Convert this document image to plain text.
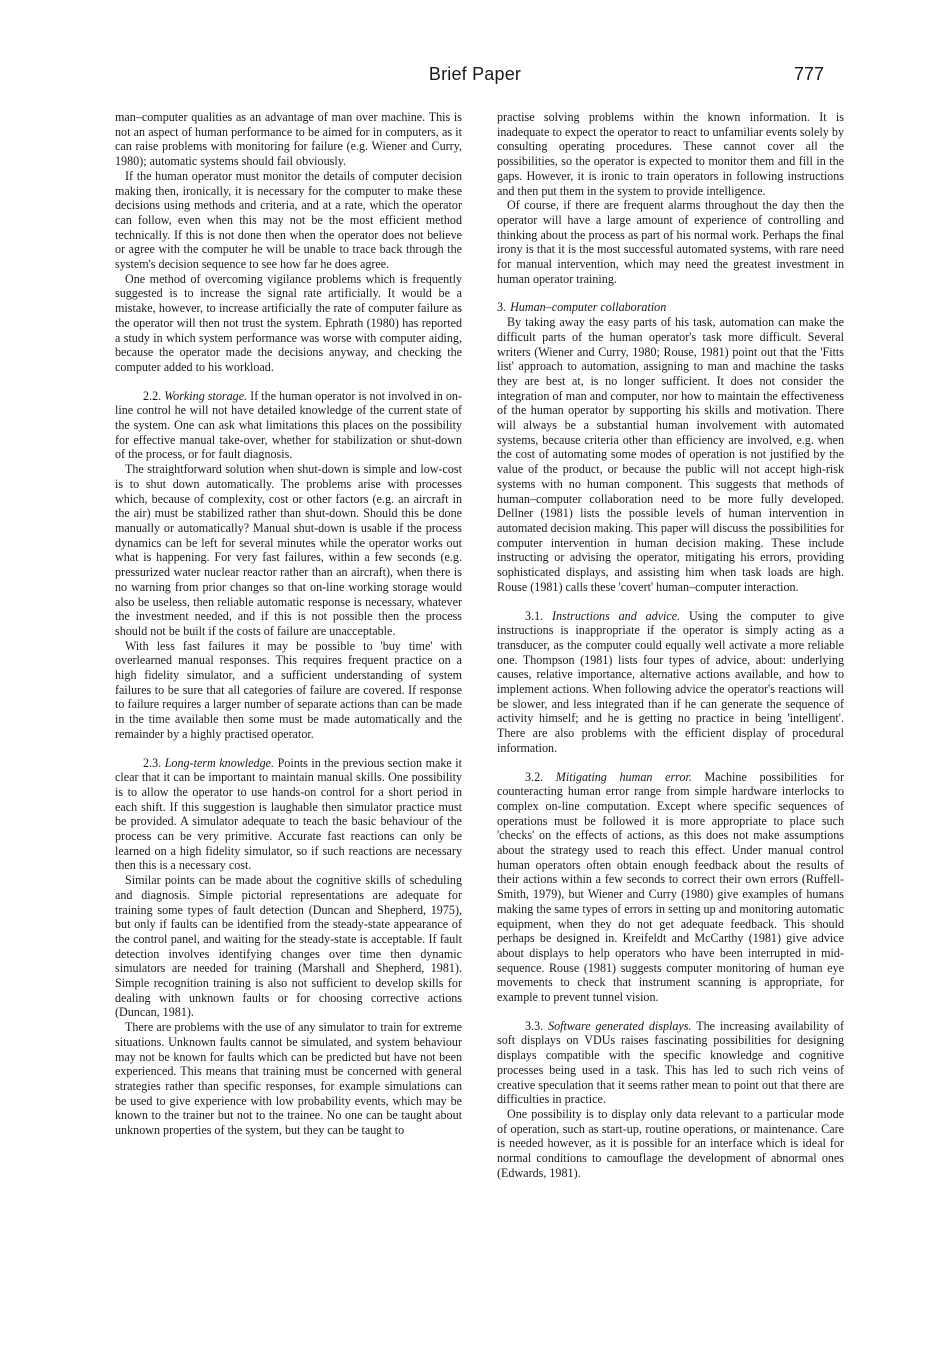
Brief Paper	777

man–computer qualities as an advantage of man over machine. This is not an aspect of human performance to be aimed for in computers, as it can raise problems with monitoring for failure (e.g. Wiener and Curry, 1980); automatic systems should fail obviously.

If the human operator must monitor the details of computer decision making then, ironically, it is necessary for the computer to make these decisions using methods and criteria, and at a rate, which the operator can follow, even when this may not be the most efficient method technically. If this is not done then when the operator does not believe or agree with the computer he will be unable to trace back through the system's decision sequence to see how far he does agree.

One method of overcoming vigilance problems which is frequently suggested is to increase the signal rate artificially. It would be a mistake, however, to increase artificially the rate of computer failure as the operator will then not trust the system. Ephrath (1980) has reported a study in which system performance was worse with computer aiding, because the operator made the decisions anyway, and checking the computer added to his workload.

2.2. Working storage. If the human operator is not involved in on-line control he will not have detailed knowledge of the current state of the system. One can ask what limitations this places on the possibility for effective manual take-over, whether for stabilization or shut-down of the process, or for fault diagnosis.

The straightforward solution when shut-down is simple and low-cost is to shut down automatically. The problems arise with processes which, because of complexity, cost or other factors (e.g. an aircraft in the air) must be stabilized rather than shut-down. Should this be done manually or automatically? Manual shut-down is usable if the process dynamics can be left for several minutes while the operator works out what is happening. For very fast failures, within a few seconds (e.g. pressurized water nuclear reactor rather than an aircraft), when there is no warning from prior changes so that on-line working storage would also be useless, then reliable automatic response is necessary, whatever the investment needed, and if this is not possible then the process should not be built if the costs of failure are unacceptable.

With less fast failures it may be possible to 'buy time' with overlearned manual responses. This requires frequent practice on a high fidelity simulator, and a sufficient understanding of system failures to be sure that all categories of failure are covered. If response to failure requires a larger number of separate actions than can be made in the time available then some must be made automatically and the remainder by a highly practised operator.

2.3. Long-term knowledge. Points in the previous section make it clear that it can be important to maintain manual skills. One possibility is to allow the operator to use hands-on control for a short period in each shift. If this suggestion is laughable then simulator practice must be provided. A simulator adequate to teach the basic behaviour of the process can be very primitive. Accurate fast reactions can only be learned on a high fidelity simulator, so if such reactions are necessary then this is a necessary cost.

Similar points can be made about the cognitive skills of scheduling and diagnosis. Simple pictorial representations are adequate for training some types of fault detection (Duncan and Shepherd, 1975), but only if faults can be identified from the steady-state appearance of the control panel, and waiting for the steady-state is acceptable. If fault detection involves identifying changes over time then dynamic simulators are needed for training (Marshall and Shepherd, 1981). Simple recognition training is also not sufficient to develop skills for dealing with unknown faults or for choosing corrective actions (Duncan, 1981).

There are problems with the use of any simulator to train for extreme situations. Unknown faults cannot be simulated, and system behaviour may not be known for faults which can be predicted but have not been experienced. This means that training must be concerned with general strategies rather than specific responses, for example simulations can be used to give experience with low probability events, which may be known to the trainer but not to the trainee. No one can be taught about unknown properties of the system, but they can be taught to

practise solving problems within the known information. It is inadequate to expect the operator to react to unfamiliar events solely by consulting operating procedures. These cannot cover all the possibilities, so the operator is expected to monitor them and fill in the gaps. However, it is ironic to train operators in following instructions and then put them in the system to provide intelligence.

Of course, if there are frequent alarms throughout the day then the operator will have a large amount of experience of controlling and thinking about the process as part of his normal work. Perhaps the final irony is that it is the most successful automated systems, with rare need for manual intervention, which may need the greatest investment in human operator training.

3. Human–computer collaboration

By taking away the easy parts of his task, automation can make the difficult parts of the human operator's task more difficult. Several writers (Wiener and Curry, 1980; Rouse, 1981) point out that the 'Fitts list' approach to automation, assigning to man and machine the tasks they are best at, is no longer sufficient. It does not consider the integration of man and computer, nor how to maintain the effectiveness of the human operator by supporting his skills and motivation. There will always be a substantial human involvement with automated systems, because criteria other than efficiency are involved, e.g. when the cost of automating some modes of operation is not justified by the value of the product, or because the public will not accept high-risk systems with no human component. This suggests that methods of human–computer collaboration need to be more fully developed. Dellner (1981) lists the possible levels of human intervention in automated decision making. This paper will discuss the possibilities for computer intervention in human decision making. These include instructing or advising the operator, mitigating his errors, providing sophisticated displays, and assisting him when task loads are high. Rouse (1981) calls these 'covert' human–computer interaction.

3.1. Instructions and advice. Using the computer to give instructions is inappropriate if the operator is simply acting as a transducer, as the computer could equally well activate a more reliable one. Thompson (1981) lists four types of advice, about: underlying causes, relative importance, alternative actions available, and how to implement actions. When following advice the operator's reactions will be slower, and less integrated than if he can generate the sequence of activity himself; and he is getting no practice in being 'intelligent'. There are also problems with the efficient display of procedural information.

3.2. Mitigating human error. Machine possibilities for counteracting human error range from simple hardware interlocks to complex on-line computation. Except where specific sequences of operations must be followed it is more appropriate to place such 'checks' on the effects of actions, as this does not make assumptions about the strategy used to reach this effect. Under manual control human operators often obtain enough feedback about the results of their actions within a few seconds to correct their own errors (Ruffell-Smith, 1979), but Wiener and Curry (1980) give examples of humans making the same types of errors in setting up and monitoring automatic equipment, when they do not get adequate feedback. This should perhaps be designed in. Kreifeldt and McCarthy (1981) give advice about displays to help operators who have been interrupted in mid-sequence. Rouse (1981) suggests computer monitoring of human eye movements to check that instrument scanning is appropriate, for example to prevent tunnel vision.

3.3. Software generated displays. The increasing availability of soft displays on VDUs raises fascinating possibilities for designing displays compatible with the specific knowledge and cognitive processes being used in a task. This has led to such rich veins of creative speculation that it seems rather mean to point out that there are difficulties in practice.

One possibility is to display only data relevant to a particular mode of operation, such as start-up, routine operations, or maintenance. Care is needed however, as it is possible for an interface which is ideal for normal conditions to camouflage the development of abnormal ones (Edwards, 1981).
